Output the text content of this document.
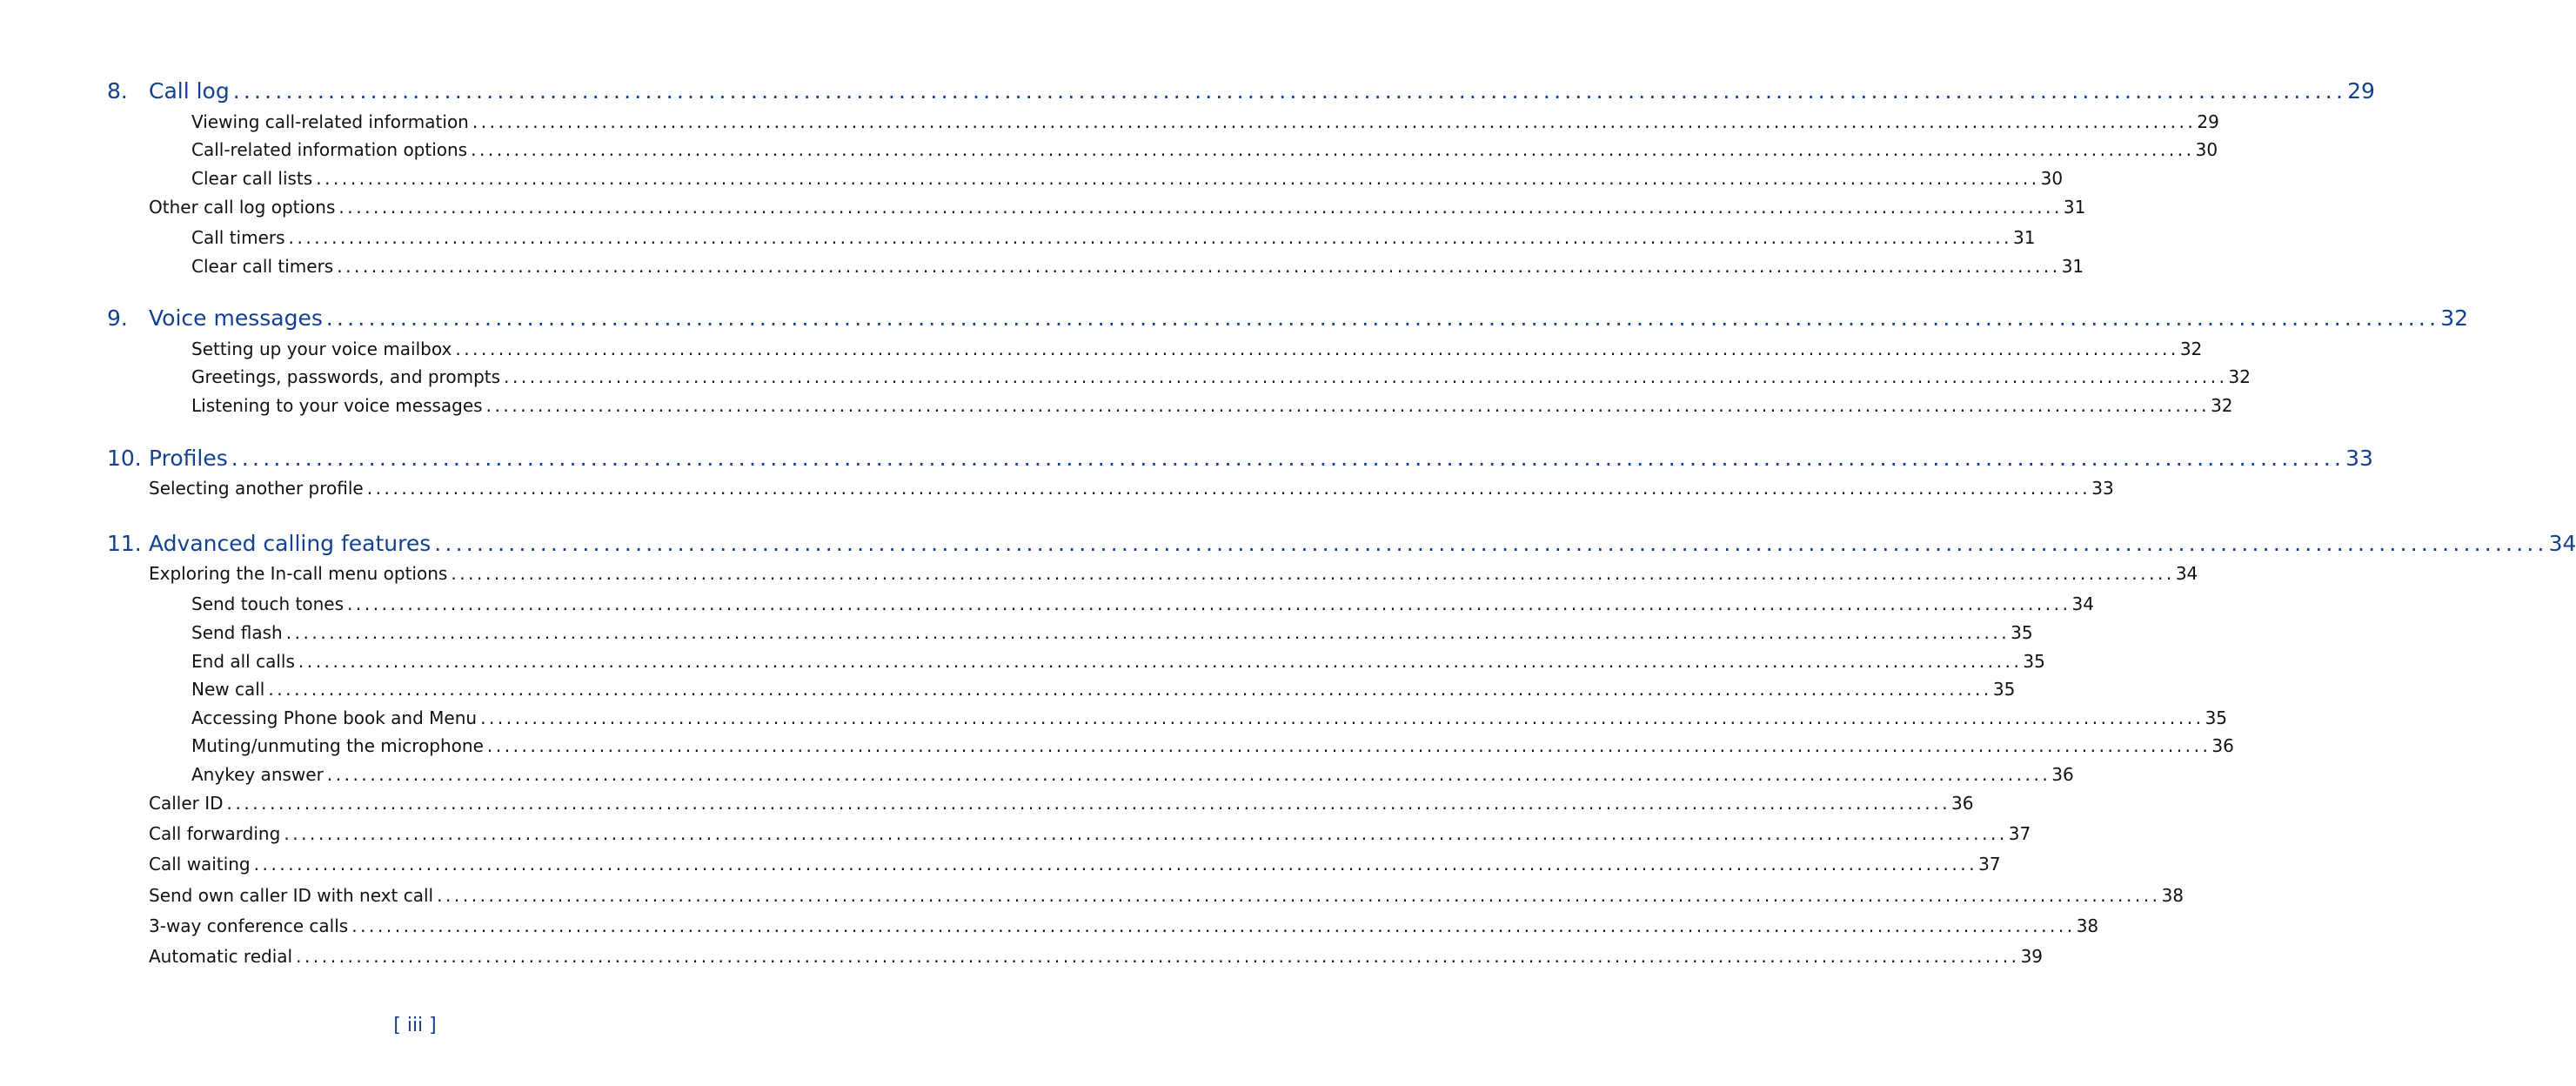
8. Call log ........................................................................................................................................................................................................ 29
Viewing call-related information ........................................................................................................................................................................................................ 29
Call-related information options ........................................................................................................................................................................................................ 30
Clear call lists ........................................................................................................................................................................................................ 30
Other call log options ........................................................................................................................................................................................................ 31
Call timers ........................................................................................................................................................................................................ 31
Clear call timers ........................................................................................................................................................................................................ 31
9. Voice messages ........................................................................................................................................................................................................ 32
Setting up your voice mailbox ........................................................................................................................................................................................................ 32
Greetings, passwords, and prompts ........................................................................................................................................................................................................ 32
Listening to your voice messages ........................................................................................................................................................................................................ 32
10. Profiles ........................................................................................................................................................................................................ 33
Selecting another profile ........................................................................................................................................................................................................ 33
11. Advanced calling features ........................................................................................................................................................................................................ 34
Exploring the In-call menu options ........................................................................................................................................................................................................ 34
Send touch tones ........................................................................................................................................................................................................ 34
Send flash ........................................................................................................................................................................................................ 35
End all calls ........................................................................................................................................................................................................ 35
New call ........................................................................................................................................................................................................ 35
Accessing Phone book and Menu ........................................................................................................................................................................................................ 35
Muting/unmuting the microphone ........................................................................................................................................................................................................ 36
Anykey answer ........................................................................................................................................................................................................ 36
Caller ID ........................................................................................................................................................................................................ 36
Call forwarding ........................................................................................................................................................................................................ 37
Call waiting ........................................................................................................................................................................................................ 37
Send own caller ID with next call ........................................................................................................................................................................................................ 38
3-way conference calls ........................................................................................................................................................................................................ 38
Automatic redial ........................................................................................................................................................................................................ 39
[ iii ]
